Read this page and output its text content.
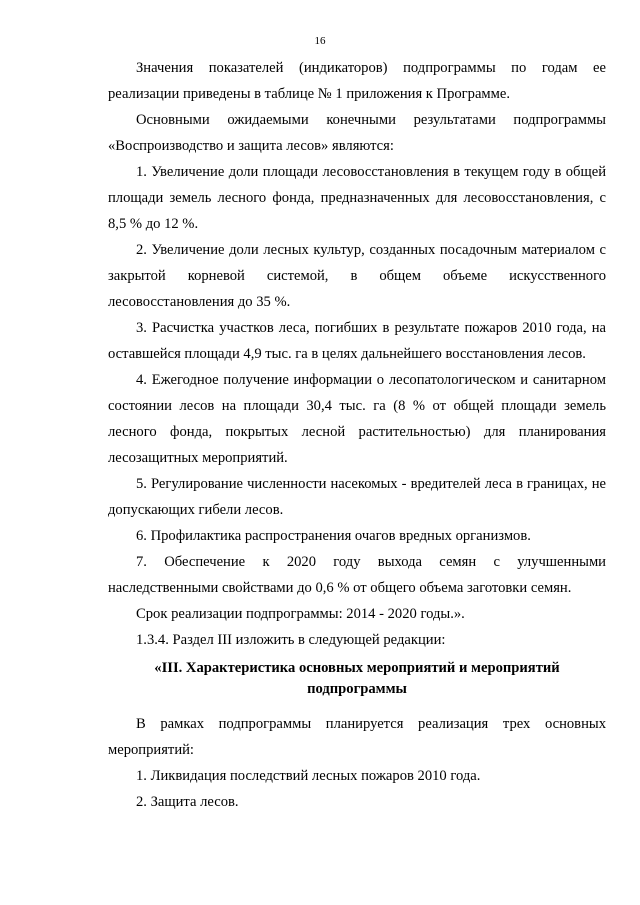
16

Значения показателей (индикаторов) подпрограммы по годам ее реализации приведены в таблице № 1 приложения к Программе.

Основными ожидаемыми конечными результатами подпрограммы «Воспроизводство и защита лесов» являются:

1. Увеличение доли площади лесовосстановления в текущем году в общей площади земель лесного фонда, предназначенных для лесовосстановления, с 8,5 % до 12 %.

2. Увеличение доли лесных культур, созданных посадочным материалом с закрытой корневой системой, в общем объеме искусственного лесовосстановления до 35 %.

3. Расчистка участков леса, погибших в результате пожаров 2010 года, на оставшейся площади 4,9 тыс. га в целях дальнейшего восстановления лесов.

4. Ежегодное получение информации о лесопатологическом и санитарном состоянии лесов на площади 30,4 тыс. га (8 % от общей площади земель лесного фонда, покрытых лесной растительностью) для планирования лесозащитных мероприятий.

5. Регулирование численности насекомых - вредителей леса в границах, не допускающих гибели лесов.

6. Профилактика распространения очагов вредных организмов.

7. Обеспечение к 2020 году выхода семян с улучшенными наследственными свойствами до 0,6 % от общего объема заготовки семян.

Срок реализации подпрограммы: 2014 - 2020 годы.».

1.3.4. Раздел III изложить в следующей редакции:

«III. Характеристика основных мероприятий и мероприятий
подпрограммы

В рамках подпрограммы планируется реализация трех основных мероприятий:

1. Ликвидация последствий лесных пожаров 2010 года.

2. Защита лесов.
